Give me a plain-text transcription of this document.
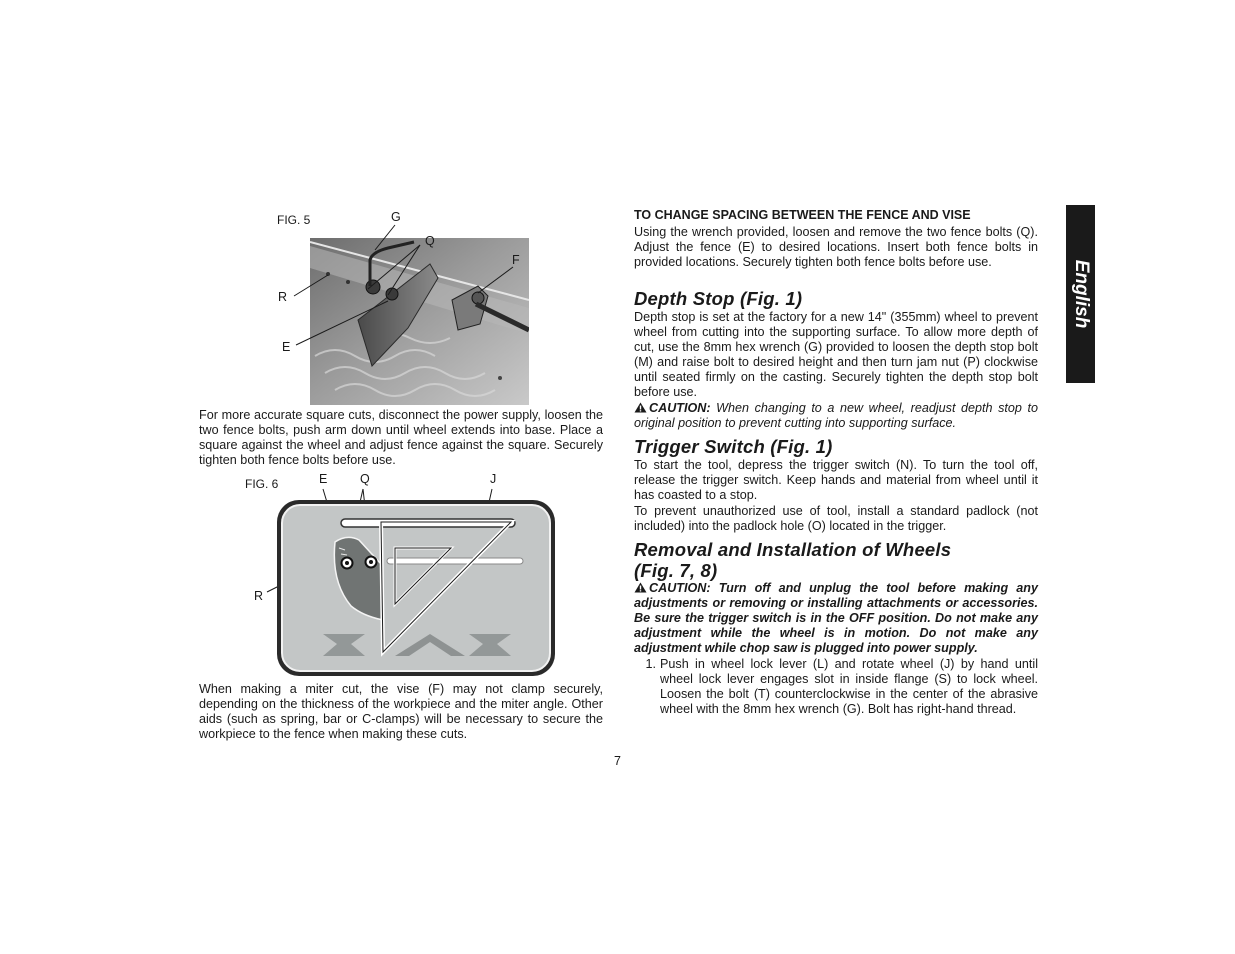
FIG. 5	G
Q
F
R
E

For more accurate square cuts, disconnect the power supply, loosen the two fence bolts, push arm down until wheel extends into base. Place a square against the wheel and adjust fence against the square. Securely tighten both fence bolts before use.

FIG. 6	E	Q	J
R

When making a miter cut, the vise (F) may not clamp securely, depending on the thickness of the workpiece and the miter angle. Other aids (such as spring, bar or C-clamps) will be necessary to secure the workpiece to the fence when making these cuts.

TO CHANGE SPACING BETWEEN THE FENCE AND VISE

Using the wrench provided, loosen and remove the two fence bolts (Q). Adjust the fence (E) to desired locations. Insert both fence bolts in provided locations. Securely tighten both fence bolts before use.

Depth Stop (Fig. 1)

Depth stop is set at the factory for a new 14" (355mm) wheel to prevent wheel from cutting into the supporting surface. To allow more depth of cut, use the 8mm hex wrench (G) provided to loosen the depth stop bolt (M) and raise bolt to desired height and then turn jam nut (P) clockwise until seated firmly on the casting. Securely tighten the depth stop bolt before use.

CAUTION: When changing to a new wheel, readjust depth stop to original position to prevent cutting into supporting surface.

Trigger Switch (Fig. 1)

To start the tool, depress the trigger switch (N). To turn the tool off, release the trigger switch. Keep hands and material from wheel until it has coasted to a stop.

To prevent unauthorized use of tool, install a standard padlock (not included) into the padlock hole (O) located in the trigger.

Removal and Installation of Wheels
(Fig. 7, 8)

CAUTION: Turn off and unplug the tool before making any adjustments or removing or installing attachments or accessories. Be sure the trigger switch is in the OFF position. Do not make any adjustment while the wheel is in motion. Do not make any adjustment while chop saw is plugged into power supply.

1. Push in wheel lock lever (L) and rotate wheel (J) by hand until wheel lock lever engages slot in inside flange (S) to lock wheel. Loosen the bolt (T) counterclockwise in the center of the abrasive wheel with the 8mm hex wrench (G). Bolt has right-hand thread.
English
7
